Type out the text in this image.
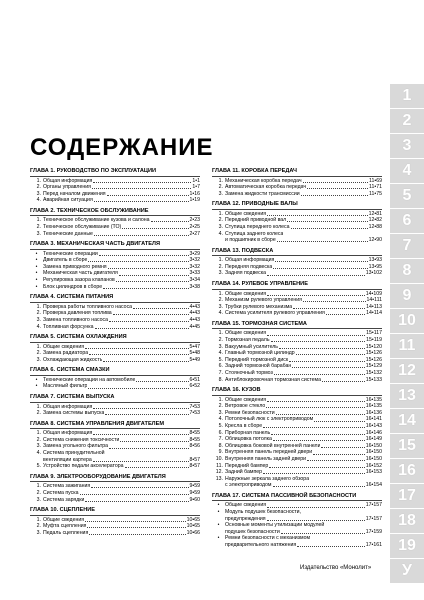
СОДЕРЖАНИЕ
ГЛАВА 1. РУКОВОДСТВО ПО ЭКСПЛУАТАЦИИ
1. Общая информация	1•1
2. Органы управления	1•7
3. Перед началом движения	1•16
4. Аварийная ситуация	1•19
ГЛАВА 2. ТЕХНИЧЕСКОЕ ОБСЛУЖИВАНИЕ
1. Техническое обслуживание кузова и салона	2•23
2. Техническое обслуживание (ТО)	2•25
3. Технические данные	2•27
ГЛАВА 3. МЕХАНИЧЕСКАЯ ЧАСТЬ ДВИГАТЕЛЯ
•	Технические операции	3•29
•	Двигатель в сборе	3•32
•	Замена приводного ремня	3•32
•	Механическая часть двигателя	3•33
•	Регулировка зазора клапанов	3•34
•	Блок цилиндров в сборе	3•38
ГЛАВА 4. СИСТЕМА ПИТАНИЯ
1. Проверка работы топливного насоса	4•43
2. Проверка давления топлива	4•43
3. Замена топливного насоса	4•43
4. Топливная форсунка	4•45
ГЛАВА 5. СИСТЕМА ОХЛАЖДЕНИЯ
1. Общие сведения	5•47
2. Замена радиатора	5•48
3. Охлаждающая жидкость	5•49
ГЛАВА 6. СИСТЕМА СМАЗКИ
•	Технические операции на автомобиле	6•51
•	Масляный фильтр	6•52
ГЛАВА 7. СИСТЕМА ВЫПУСКА
1. Общая информация	7•53
2. Замена системы выпуска	7•53
ГЛАВА 8. СИСТЕМА УПРАВЛЕНИЯ ДВИГАТЕЛЕМ
1. Общая информация	8•55
2. Система снижения токсичности	8•55
3. Замена угольного фильтра	8•56
4. Система принудительной
вентиляции картера	8•57
5. Устройство педали акселератора	8•57
ГЛАВА 9. ЭЛЕКТРООБОРУДОВАНИЕ ДВИГАТЕЛЯ
1. Система зажигания	9•59
2. Система пуска	9•59
3. Система зарядки	9•60
ГЛАВА 10. СЦЕПЛЕНИЕ
1. Общие сведения	10•65
2. Муфта сцепления	10•65
3. Педаль сцепления	10•66
ГЛАВА 11. КОРОБКА ПЕРЕДАЧ
1. Механическая коробка передач	11•69
2. Автоматическая коробка передач	11•71
3. Замена жидкости трансмиссии	11•75
ГЛАВА 12. ПРИВОДНЫЕ ВАЛЫ
1. Общие сведения	12•81
2. Передний приводной вал	12•82
3. Ступица переднего колеса	12•88
4. Ступица заднего колеса
и подшипник в сборе	12•90
ГЛАВА 13. ПОДВЕСКА
1. Общая информация	13•93
2. Передняя подвеска	13•95
3. Задняя подвеска	13•102
ГЛАВА 14. РУЛЕВОЕ УПРАВЛЕНИЕ
1. Общие сведения	14•109
2. Механизм рулевого управления	14•111
3. Трубки рулевого механизма	14•113
4. Система усилителя рулевого управления	14•114
ГЛАВА 15. ТОРМОЗНАЯ СИСТЕМА
1. Общие сведения	15•117
2. Тормозная педаль	15•119
3. Вакуумный усилитель	15•120
4. Главный тормозной цилиндр	15•126
5. Передний тормозной диск	15•126
6. Задний тормозной барабан	15•129
7. Стояночный тормоз	15•132
8. Антиблокировочная тормозная система	15•133
ГЛАВА 16. КУЗОВ
1. Общие сведения	16•135
2. Ветровое стекло	16•135
3. Ремни безопасности	16•136
4. Потолочный люк с электроприводом	16•141
5. Кресла в сборе	16•143
6. Приборная панель	16•146
7. Облицовка потолка	16•149
8. Облицовка боковой внутренней панели	16•150
9. Внутренняя панель передней двери	16•150
10. Внутренняя панель задней двери	16•150
11. Передний бампер	16•152
12. Задний бампер	16•153
13. Наружные зеркала заднего обзора
с электроприводом	16•154
ГЛАВА 17. СИСТЕМА ПАССИВНОЙ БЕЗОПАСНОСТИ
•	Общие сведения	17•157
•	Модуль подушек безопасности,
предупреждения	17•157
•	Основные моменты утилизации модулей
подушек безопасности	17•159
•	Ремни безопасности с механизмом
предварительного натяжения	17•161
1
2
3
4
5
6
7
8
9
10
11
12
13
14
15
16
17
18
19
У
Издательство «Монолит»
